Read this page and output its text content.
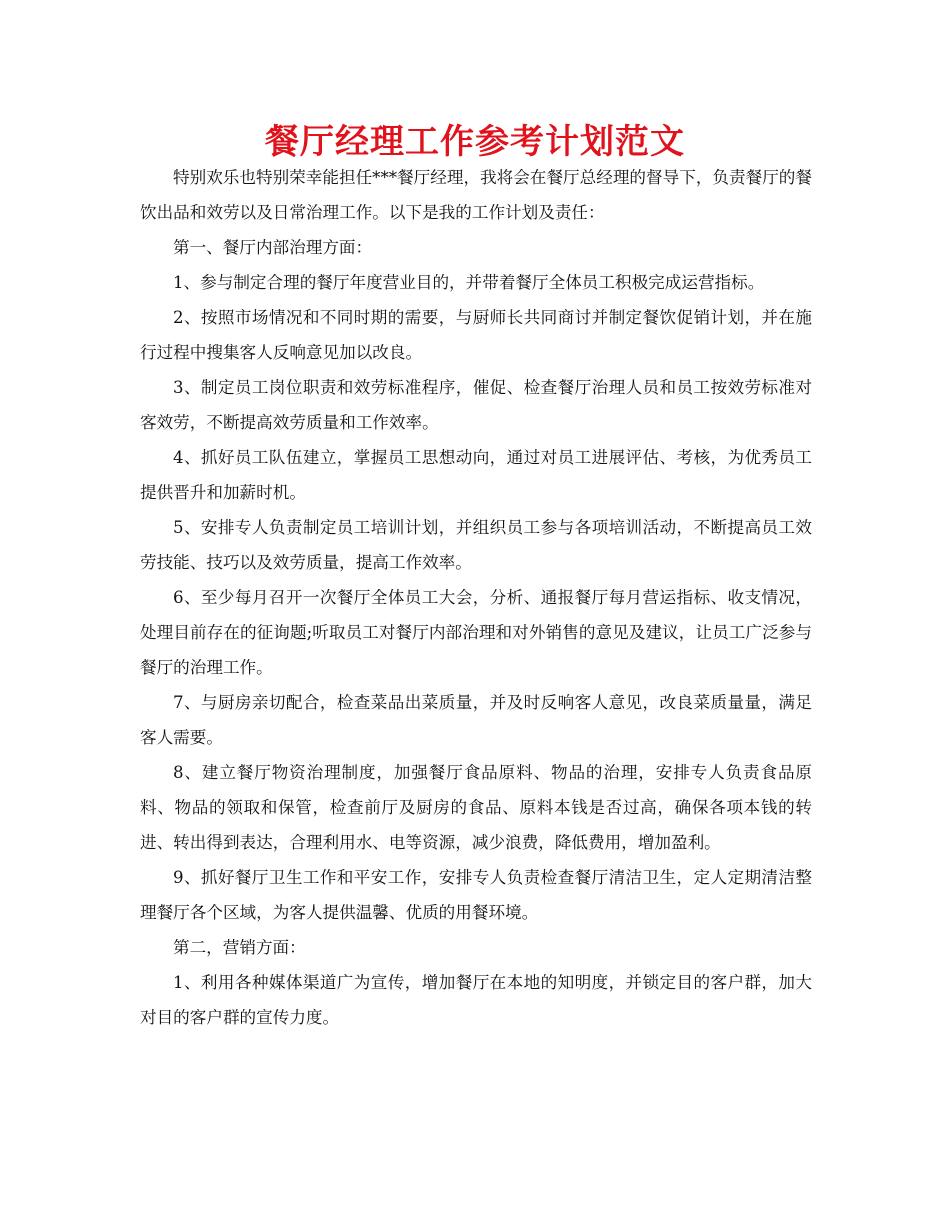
餐厅经理工作参考计划范文

特别欢乐也特别荣幸能担任***餐厅经理，我将会在餐厅总经理的督导下，负责餐厅的餐饮出品和效劳以及日常治理工作。以下是我的工作计划及责任：

第一、餐厅内部治理方面：

1、参与制定合理的餐厅年度营业目的，并带着餐厅全体员工积极完成运营指标。

2、按照市场情况和不同时期的需要，与厨师长共同商讨并制定餐饮促销计划，并在施行过程中搜集客人反响意见加以改良。

3、制定员工岗位职责和效劳标准程序，催促、检查餐厅治理人员和员工按效劳标准对客效劳，不断提高效劳质量和工作效率。

4、抓好员工队伍建立，掌握员工思想动向，通过对员工进展评估、考核，为优秀员工提供晋升和加薪时机。

5、安排专人负责制定员工培训计划，并组织员工参与各项培训活动，不断提高员工效劳技能、技巧以及效劳质量，提高工作效率。

6、至少每月召开一次餐厅全体员工大会，分析、通报餐厅每月营运指标、收支情况，处理目前存在的征询题;听取员工对餐厅内部治理和对外销售的意见及建议，让员工广泛参与餐厅的治理工作。

7、与厨房亲切配合，检查菜品出菜质量，并及时反响客人意见，改良菜质量量，满足客人需要。

8、建立餐厅物资治理制度，加强餐厅食品原料、物品的治理，安排专人负责食品原料、物品的领取和保管，检查前厅及厨房的食品、原料本钱是否过高，确保各项本钱的转进、转出得到表达，合理利用水、电等资源，减少浪费，降低费用，增加盈利。

9、抓好餐厅卫生工作和平安工作，安排专人负责检查餐厅清洁卫生，定人定期清洁整理餐厅各个区域，为客人提供温馨、优质的用餐环境。

第二，营销方面：

1、利用各种媒体渠道广为宣传，增加餐厅在本地的知明度，并锁定目的客户群，加大对目的客户群的宣传力度。
